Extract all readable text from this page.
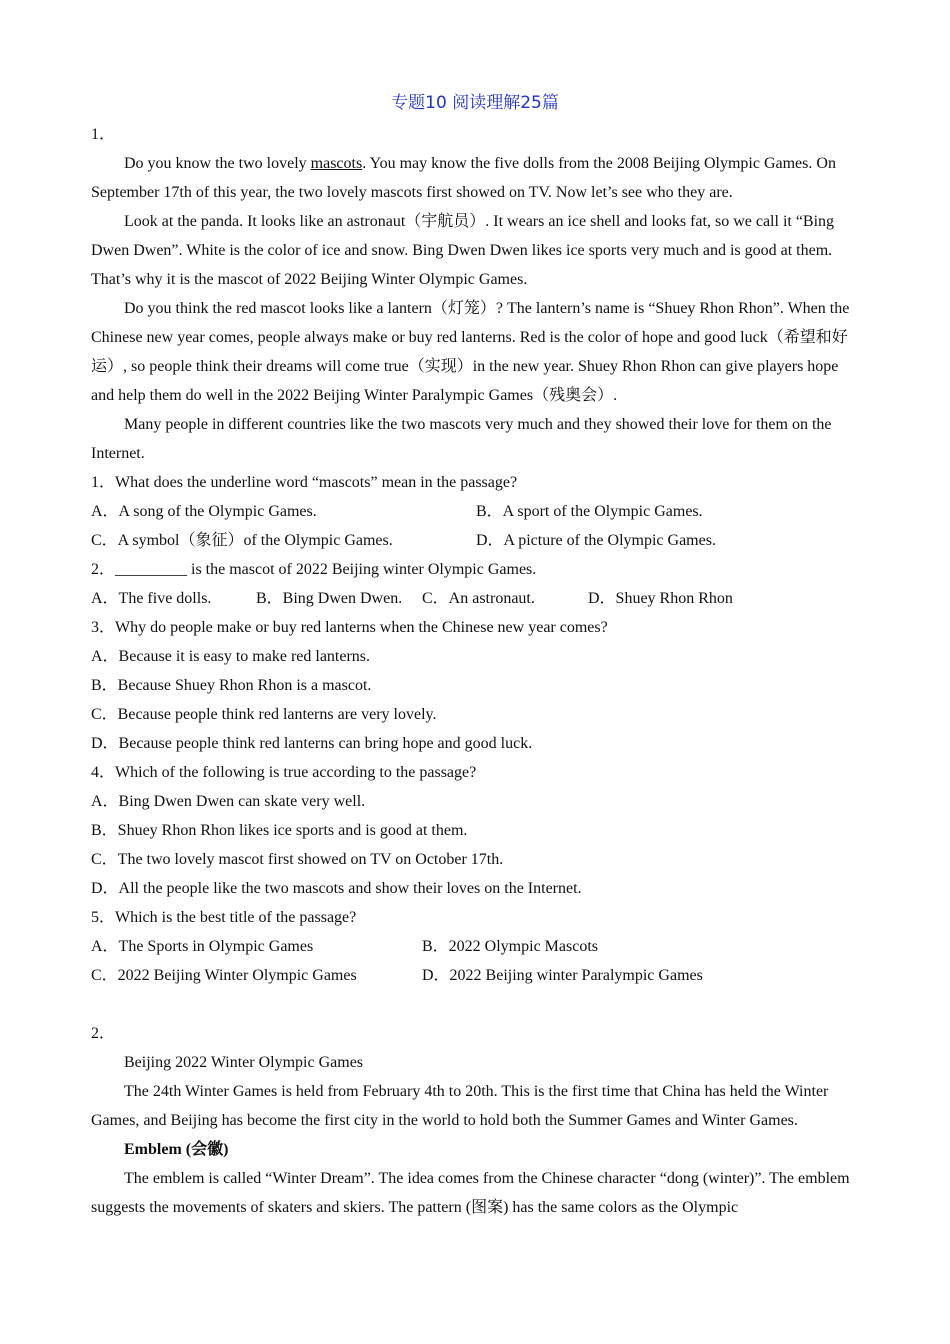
专题10 阅读理解25篇

1．

Do you know the two lovely mascots. You may know the five dolls from the 2008 Beijing Olympic Games. On September 17th of this year, the two lovely mascots first showed on TV. Now let’s see who they are.

Look at the panda. It looks like an astronaut（宇航员）. It wears an ice shell and looks fat, so we call it “Bing Dwen Dwen”. White is the color of ice and snow. Bing Dwen Dwen likes ice sports very much and is good at them. That’s why it is the mascot of 2022 Beijing Winter Olympic Games.

Do you think the red mascot looks like a lantern（灯笼）? The lantern’s name is “Shuey Rhon Rhon”. When the Chinese new year comes, people always make or buy red lanterns. Red is the color of hope and good luck（希望和好运）, so people think their dreams will come true（实现）in the new year. Shuey Rhon Rhon can give players hope and help them do well in the 2022 Beijing Winter Paralympic Games（残奥会）.

Many people in different countries like the two mascots very much and they showed their love for them on the Internet.

1．What does the underline word “mascots” mean in the passage?

A．A song of the Olympic Games.	B．A sport of the Olympic Games.
C．A symbol（象征）of the Olympic Games.	D．A picture of the Olympic Games.

2．_________ is the mascot of 2022 Beijing winter Olympic Games.

A．The five dolls.	B．Bing Dwen Dwen.	C．An astronaut.	D．Shuey Rhon Rhon

3．Why do people make or buy red lanterns when the Chinese new year comes?

A．Because it is easy to make red lanterns.

B．Because Shuey Rhon Rhon is a mascot.

C．Because people think red lanterns are very lovely.

D．Because people think red lanterns can bring hope and good luck.

4．Which of the following is true according to the passage?

A．Bing Dwen Dwen can skate very well.

B．Shuey Rhon Rhon likes ice sports and is good at them.

C．The two lovely mascot first showed on TV on October 17th.

D．All the people like the two mascots and show their loves on the Internet.

5．Which is the best title of the passage?

A．The Sports in Olympic Games	B．2022 Olympic Mascots
C．2022 Beijing Winter Olympic Games	D．2022 Beijing winter Paralympic Games

2．

Beijing 2022 Winter Olympic Games

The 24th Winter Games is held from February 4th to 20th. This is the first time that China has held the Winter Games, and Beijing has become the first city in the world to hold both the Summer Games and Winter Games.

Emblem (会徽)

The emblem is called “Winter Dream”. The idea comes from the Chinese character “dong (winter)”. The emblem suggests the movements of skaters and skiers. The pattern (图案) has the same colors as the Olympic
